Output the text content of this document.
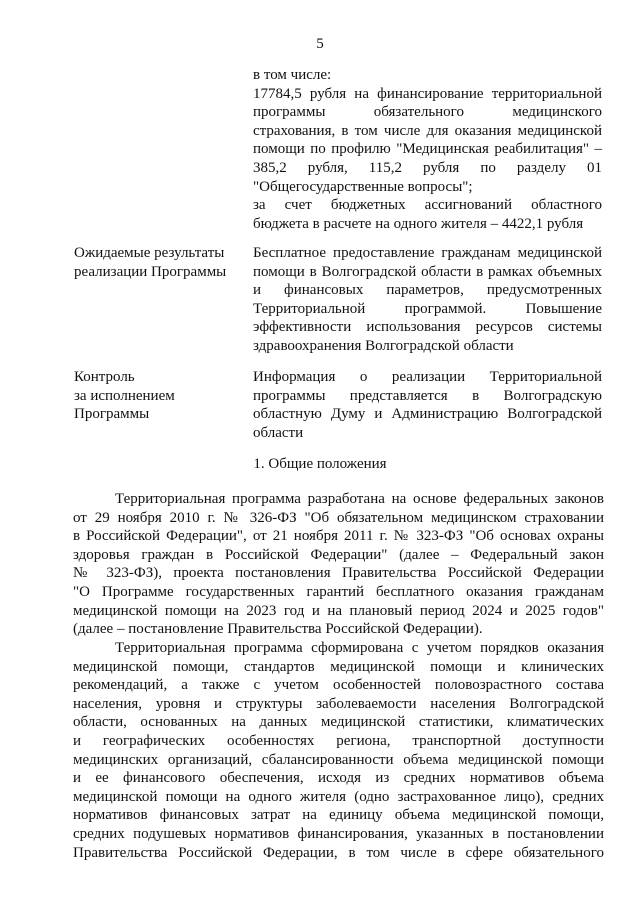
5
в том числе:
17784,5 рубля на финансирование территориальной
программы обязательного медицинского
страхования, в том числе для оказания медицинской
помощи по профилю "Медицинская реабилитация" –
385,2 рубля, 115,2 рубля по разделу 01
"Общегосударственные вопросы";
за счет бюджетных ассигнований областного
бюджета в расчете на одного жителя – 4422,1 рубля
Ожидаемые результаты
реализации Программы
Бесплатное предоставление гражданам медицинской
помощи в Волгоградской области в рамках объемных
и финансовых параметров, предусмотренных
Территориальной программой. Повышение
эффективности использования ресурсов системы
здравоохранения Волгоградской области
Контроль
за исполнением
Программы
Информация о реализации Территориальной
программы представляется в Волгоградскую
областную Думу и Администрацию Волгоградской
области
1. Общие положения
Территориальная программа разработана на основе федеральных законов
от 29 ноября 2010 г. № 326-ФЗ "Об обязательном медицинском страховании
в Российской Федерации", от 21 ноября 2011 г. № 323-ФЗ "Об основах охраны
здоровья граждан в Российской Федерации" (далее – Федеральный закон
№ 323-ФЗ), проекта постановления Правительства Российской Федерации
"О Программе государственных гарантий бесплатного оказания гражданам
медицинской помощи на 2023 год и на плановый период 2024 и 2025 годов"
(далее – постановление Правительства Российской Федерации).
Территориальная программа сформирована с учетом порядков оказания
медицинской помощи, стандартов медицинской помощи и клинических
рекомендаций, а также с учетом особенностей половозрастного состава
населения, уровня и структуры заболеваемости населения Волгоградской
области, основанных на данных медицинской статистики, климатических
и географических особенностях региона, транспортной доступности
медицинских организаций, сбалансированности объема медицинской помощи
и ее финансового обеспечения, исходя из средних нормативов объема
медицинской помощи на одного жителя (одно застрахованное лицо), средних
нормативов финансовых затрат на единицу объема медицинской помощи,
средних подушевых нормативов финансирования, указанных в постановлении
Правительства Российской Федерации, в том числе в сфере обязательного
